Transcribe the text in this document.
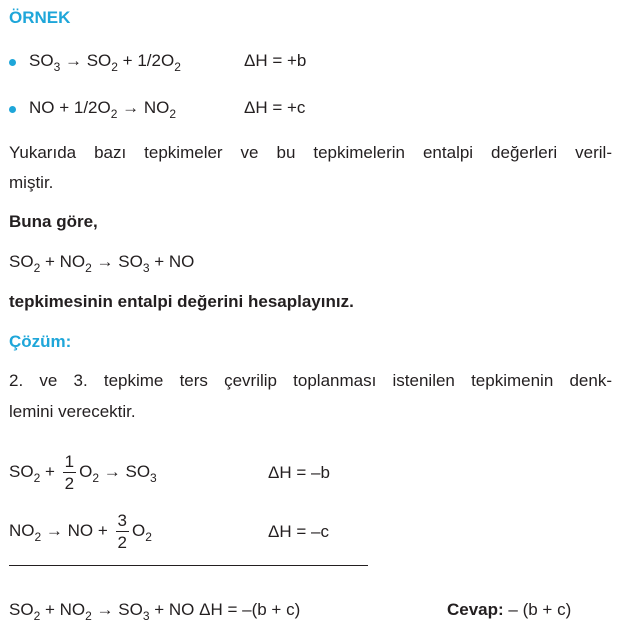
ÖRNEK
$SO_3 \to SO_2 + 1/2O_2$	ΔH = +b
NO + $1/2O_2 \to NO_2$	ΔH = +c
Yukarıda bazı tepkimeler ve bu tepkimelerin entalpi değerleri veril-
miştir.
Buna göre,
$SO_2 + NO_2 \to SO_3$ + NO
tepkimesinin entalpi değerini hesaplayınız.
Çözüm:
2. ve 3. tepkime ters çevrilip toplanması istenilen tepkimenin denk-
lemini verecektir.
$SO_2 + \frac{1}{2} O_2 \to SO_3$	ΔH = –b
$NO_2$ → NO + $\frac{3}{2} O_2$	ΔH = –c
$SO_2 + NO_2 \to SO_3$ + NO ΔH = –(b + c)	Cevap: – (b + c)
